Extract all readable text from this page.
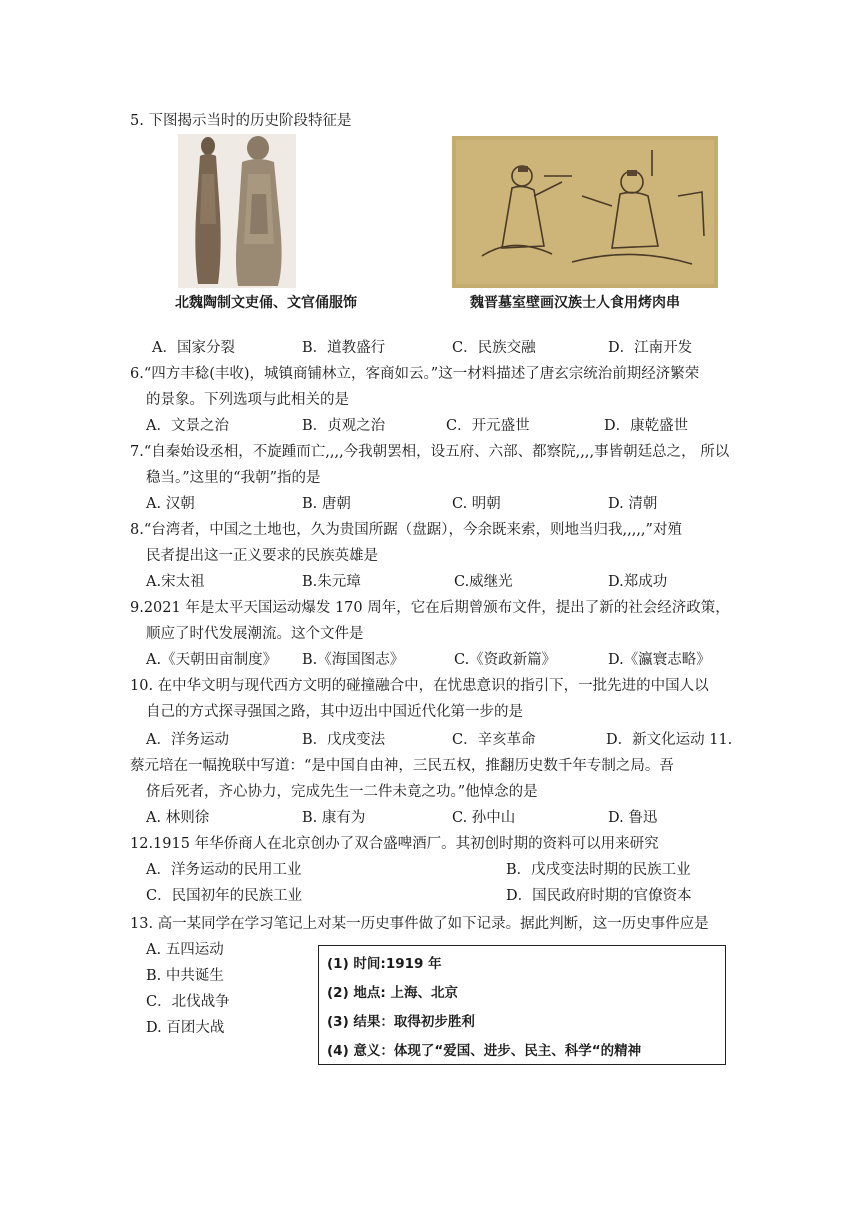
5. 下图揭示当时的历史阶段特征是
北魏陶制文吏俑、文官俑服饰	魏晋墓室壁画汉族士人食用烤肉串
A．国家分裂	B．道教盛行	C．民族交融	D．江南开发
6.“四方丰稔(丰收)，城镇商铺林立，客商如云。”这一材料描述了唐玄宗统治前期经济繁荣
的景象。下列选项与此相关的是
A．文景之治	B．贞观之治	C．开元盛世	D．康乾盛世
7.“自秦始设丞相，不旋踵而亡,,,,今我朝罢相，设五府、六部、都察院,,,,事皆朝廷总之， 所以
稳当。”这里的“我朝”指的是
A. 汉朝	B. 唐朝	C. 明朝	D. 清朝
8.“台湾者，中国之土地也，久为贵国所踞（盘踞），今余既来索，则地当归我,,,,,”对殖
民者提出这一正义要求的民族英雄是
A.宋太祖	B.朱元璋	C.威继光	D.郑成功
9.2021 年是太平天国运动爆发 170 周年，它在后期曾颁布文件，提出了新的社会经济政策，
顺应了时代发展潮流。这个文件是
A.《天朝田亩制度》 B.《海国图志》	C.《资政新篇》	D.《瀛寰志略》
10. 在中华文明与现代西方文明的碰撞融合中，在忧患意识的指引下，一批先进的中国人以
自己的方式探寻强国之路，其中迈出中国近代化第一步的是
A．洋务运动	B．戊戌变法	C．辛亥革命	D．新文化运动 11.
蔡元培在一幅挽联中写道：“是中国自由神，三民五权，推翻历史数千年专制之局。吾
侪后死者，齐心协力，完成先生一二件未竟之功。”他悼念的是
A. 林则徐	B. 康有为	C. 孙中山	D. 鲁迅
12.1915 年华侨商人在北京创办了双合盛啤酒厂。其初创时期的资料可以用来研究
A．洋务运动的民用工业	B．戊戌变法时期的民族工业
C．民国初年的民族工业	D．国民政府时期的官僚资本
13. 高一某同学在学习笔记上对某一历史事件做了如下记录。据此判断，这一历史事件应是
A. 五四运动
B. 中共诞生
C．北伐战争
D. 百团大战
(1) 时间:1919 年
(2) 地点: 上海、北京
(3) 结果：取得初步胜利
(4) 意义：体现了“爱国、进步、民主、科学“的精神
